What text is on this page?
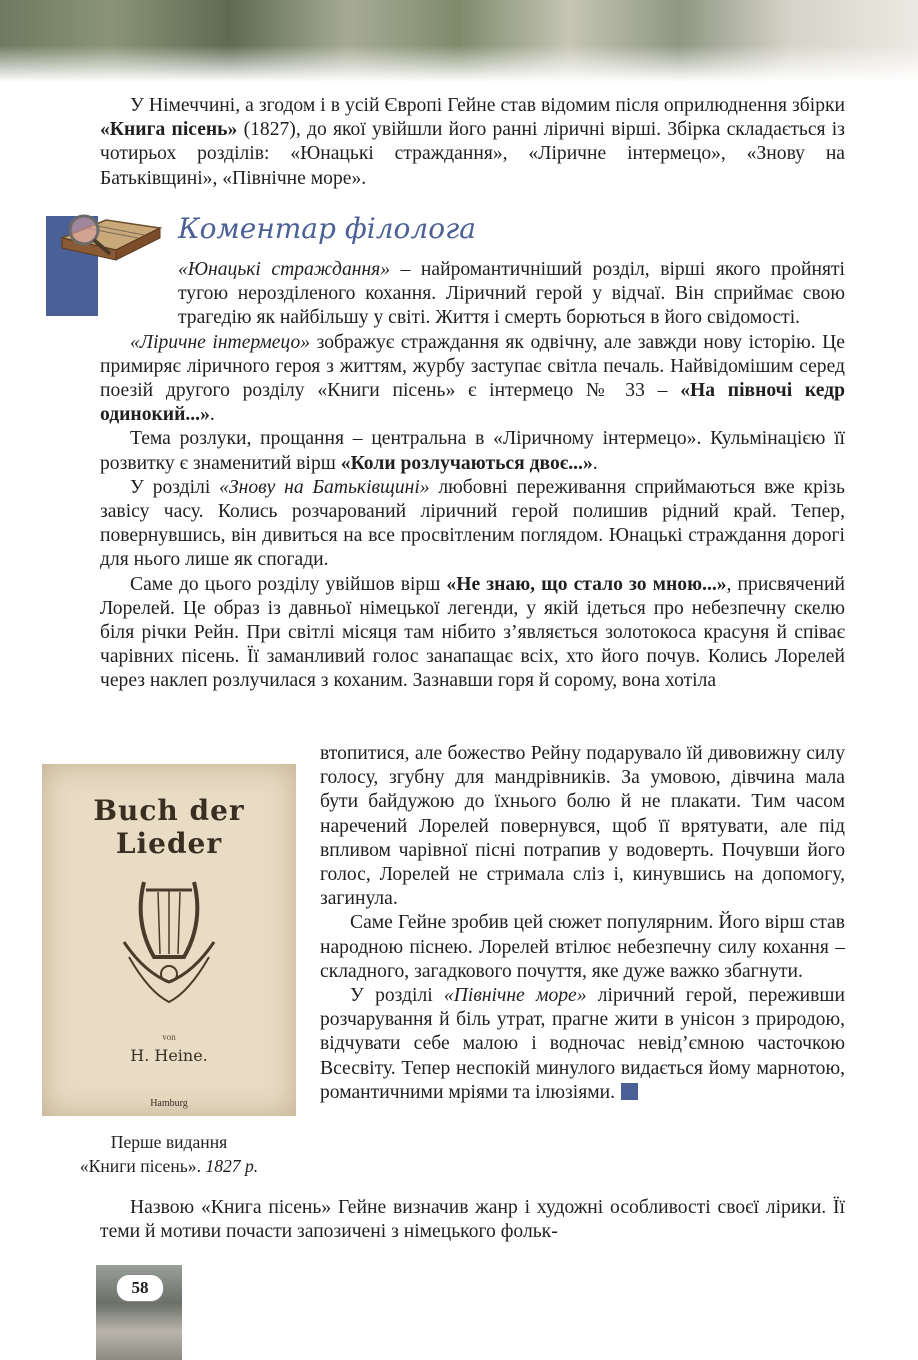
У Німеччині, а згодом і в усій Європі Гейне став відомим після оприлюднення збірки «Книга пісень» (1827), до якої увійшли його ранні ліричні вірші. Збірка складається із чотирьох розділів: «Юнацькі страждання», «Ліричне інтермецо», «Знову на Батьківщині», «Північне море».

Коментар філолога

«Юнацькі страждання» – найромантичніший розділ, вірші якого пройняті тугою нерозділеного кохання. Ліричний герой у відчаї. Він сприймає свою трагедію як найбільшу у світі. Життя і смерть борються в його свідомості.

«Ліричне інтермецо» зображує страждання як одвічну, але завжди нову історію. Це примиряє ліричного героя з життям, журбу заступає світла печаль. Найвідомішим серед поезій другого розділу «Книги пісень» є інтермецо № 33 – «На півночі кедр одинокий...».

Тема розлуки, прощання – центральна в «Ліричному інтермецо». Кульмінацією її розвитку є знаменитий вірш «Коли розлучаються двоє...».

У розділі «Знову на Батьківщині» любовні переживання сприймаються вже крізь завісу часу. Колись розчарований ліричний герой полишив рідний край. Тепер, повернувшись, він дивиться на все просвітленим поглядом. Юнацькі страждання дорогі для нього лише як спогади.

Саме до цього розділу увійшов вірш «Не знаю, що стало зо мною...», присвячений Лорелей. Це образ із давньої німецької легенди, у якій ідеться про небезпечну скелю біля річки Рейн. При світлі місяця там нібито з’являється золотокоса красуня й співає чарівних пісень. Її заманливий голос занапащає всіх, хто його почув. Колись Лорелей через наклеп розлучилася з коханим. Зазнавши горя й сорому, вона хотіла

Buch der Lieder
von
H. Heine.
Hamburg
Перше видання
«Книги пісень». 1827 р.

втопитися, але божество Рейну подарувало їй дивовижну силу голосу, згубну для мандрівників. За умовою, дівчина мала бути байдужою до їхнього болю й не плакати. Тим часом наречений Лорелей повернувся, щоб її врятувати, але під впливом чарівної пісні потрапив у водоверть. Почувши його голос, Лорелей не стримала сліз і, кинувшись на допомогу, загинула.

Саме Гейне зробив цей сюжет популярним. Його вірш став народною піснею. Лорелей втілює небезпечну силу кохання – складного, загадкового почуття, яке дуже важко збагнути.

У розділі «Північне море» ліричний герой, переживши розчарування й біль утрат, прагне жити в унісон з природою, відчувати себе малою і водночас невід’ємною часточкою Всесвіту. Тепер неспокій минулого видається йому марнотою, романтичними мріями та ілюзіями.

Назвою «Книга пісень» Гейне визначив жанр і художні особливості своєї лірики. Її теми й мотиви почасти запозичені з німецького фольк-

58
